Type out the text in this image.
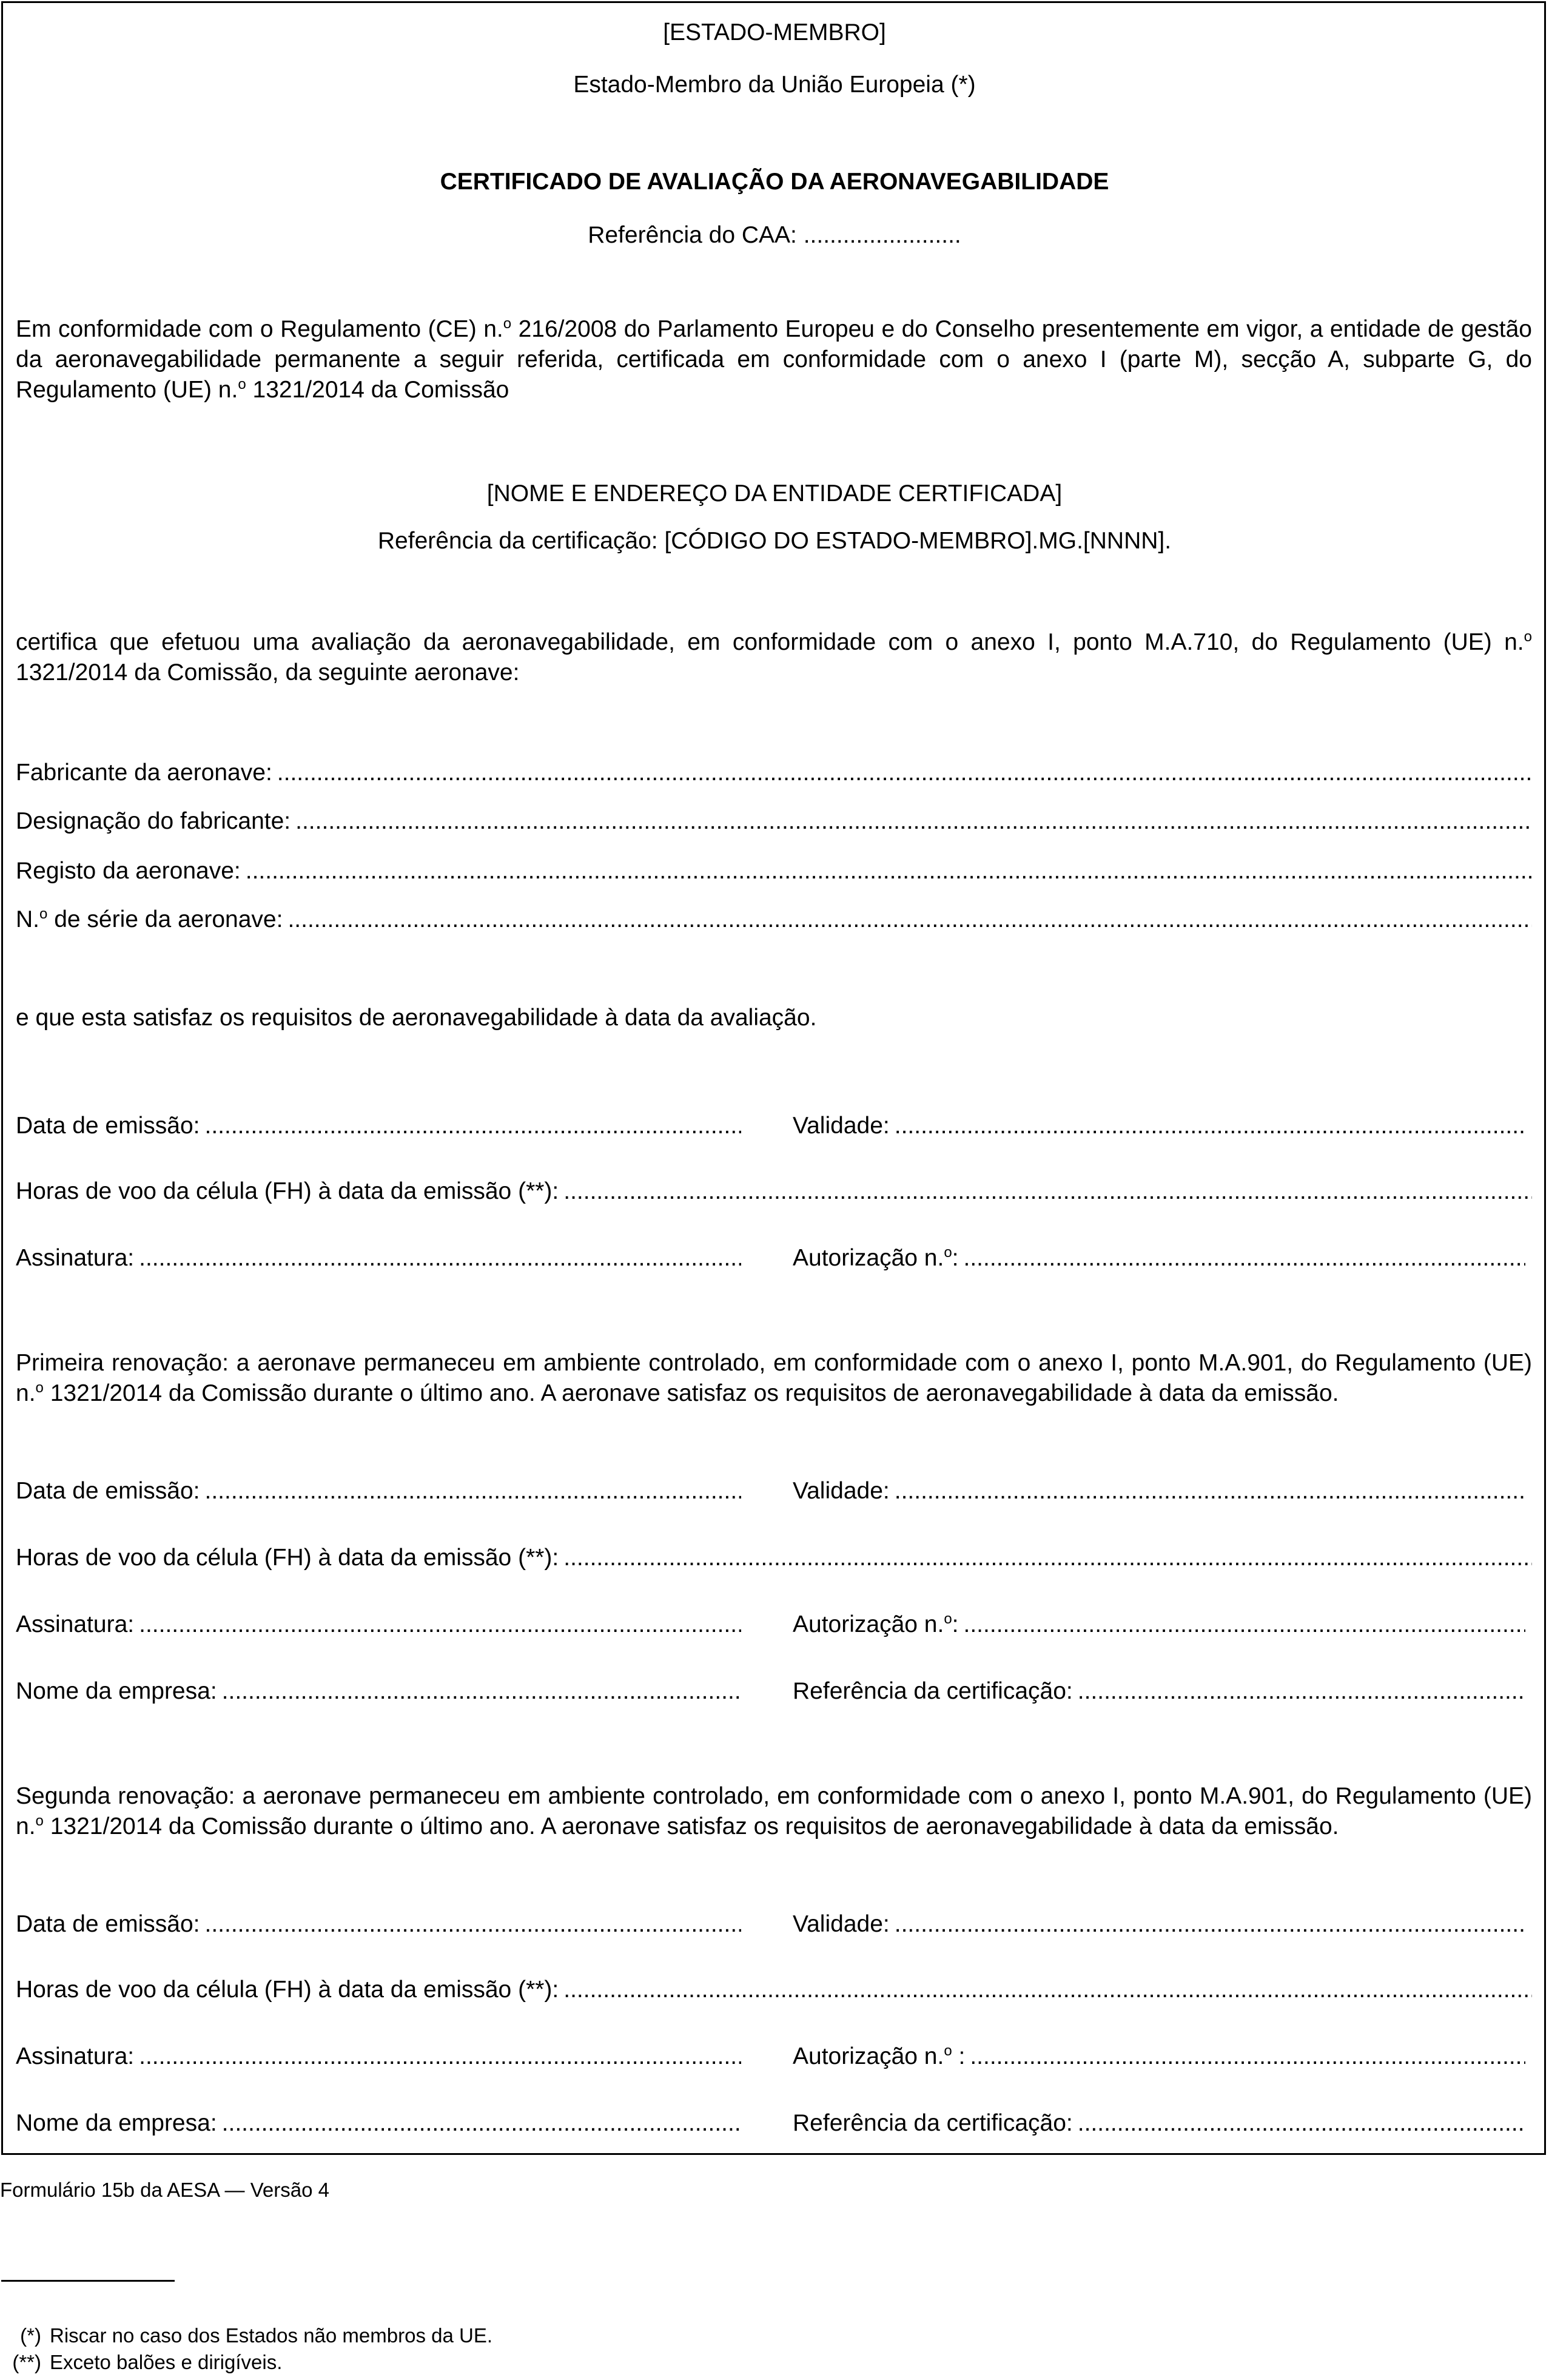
[ESTADO-MEMBRO]

Estado-Membro da União Europeia (*)

CERTIFICADO DE AVALIAÇÃO DA AERONAVEGABILIDADE

Referência do CAA: ........................

Em conformidade com o Regulamento (CE) n.$^o$ 216/2008 do Parlamento Europeu e do Conselho presentemente em vigor, a entidade de gestão da aeronavegabilidade permanente a seguir referida, certificada em conformidade com o anexo I (parte M), secção A, subparte G, do Regulamento (UE) n.$^o$ 1321/2014 da Comissão

[NOME E ENDEREÇO DA ENTIDADE CERTIFICADA]

Referência da certificação: [CÓDIGO DO ESTADO-MEMBRO].MG.[NNNN].

certifica que efetuou uma avaliação da aeronavegabilidade, em conformidade com o anexo I, ponto M.A.710, do Regulamento (UE) n.$^o$ 1321/2014 da Comissão, da seguinte aeronave:

Fabricante da aeronave:
.....
Designação do fabricante:
.....
Registo da aeronave:
.....
N.$^o$ de série da aeronave:
.....

e que esta satisfaz os requisitos de aeronavegabilidade à data da avaliação.

Data de emissão: .....	Validade:
.....
Horas de voo da célula (FH) à data da emissão (**):
.....
Assinatura: .....	Autorização n.$^o$:
.....

Primeira renovação: a aeronave permaneceu em ambiente controlado, em conformidade com o anexo I, ponto M.A.901, do Regulamento (UE) n.$^o$ 1321/2014 da Comissão durante o último ano. A aeronave satisfaz os requisitos de aeronavegabilidade à data da emissão.

Data de emissão: .....	Validade:
.....
Horas de voo da célula (FH) à data da emissão (**):
.....
Assinatura: .....	Autorização n.$^o$:
.....
Nome da empresa: .....	Referência da certificação:
.....

Segunda renovação: a aeronave permaneceu em ambiente controlado, em conformidade com o anexo I, ponto M.A.901, do Regulamento (UE) n.$^o$ 1321/2014 da Comissão durante o último ano. A aeronave satisfaz os requisitos de aeronavegabilidade à data da emissão.

Data de emissão: .....	Validade:
.....
Horas de voo da célula (FH) à data da emissão (**):
.....
Assinatura: .....	Autorização n.$^o$ :
.....
Nome da empresa: .....	Referência da certificação:
.....

Formulário 15b da AESA — Versão 4

(*) Riscar no caso dos Estados não membros da UE.
(**) Exceto balões e dirigíveis.
